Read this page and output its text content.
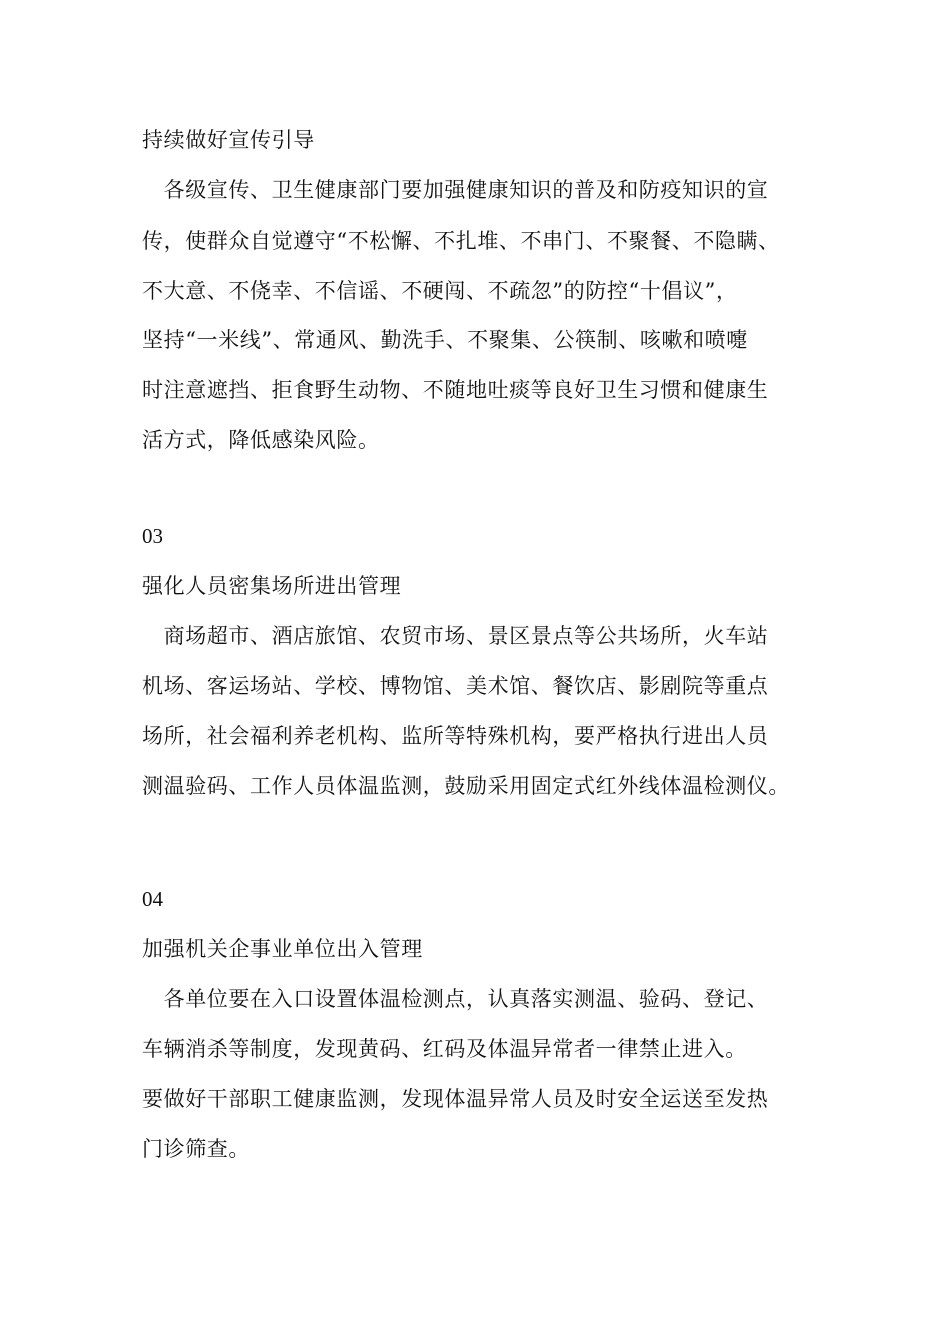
持续做好宣传引导
　各级宣传、卫生健康部门要加强健康知识的普及和防疫知识的宣
传，使群众自觉遵守“不松懈、不扎堆、不串门、不聚餐、不隐瞒、
不大意、不侥幸、不信谣、不硬闯、不疏忽”的防控“十倡议”，
坚持“一米线”、常通风、勤洗手、不聚集、公筷制、咳嗽和喷嚏
时注意遮挡、拒食野生动物、不随地吐痰等良好卫生习惯和健康生
活方式，降低感染风险。
03
强化人员密集场所进出管理
　商场超市、酒店旅馆、农贸市场、景区景点等公共场所，火车站
机场、客运场站、学校、博物馆、美术馆、餐饮店、影剧院等重点
场所，社会福利养老机构、监所等特殊机构，要严格执行进出人员
测温验码、工作人员体温监测，鼓励采用固定式红外线体温检测仪。
04
加强机关企事业单位出入管理
　各单位要在入口设置体温检测点，认真落实测温、验码、登记、
车辆消杀等制度，发现黄码、红码及体温异常者一律禁止进入。
要做好干部职工健康监测，发现体温异常人员及时安全运送至发热
门诊筛查。
